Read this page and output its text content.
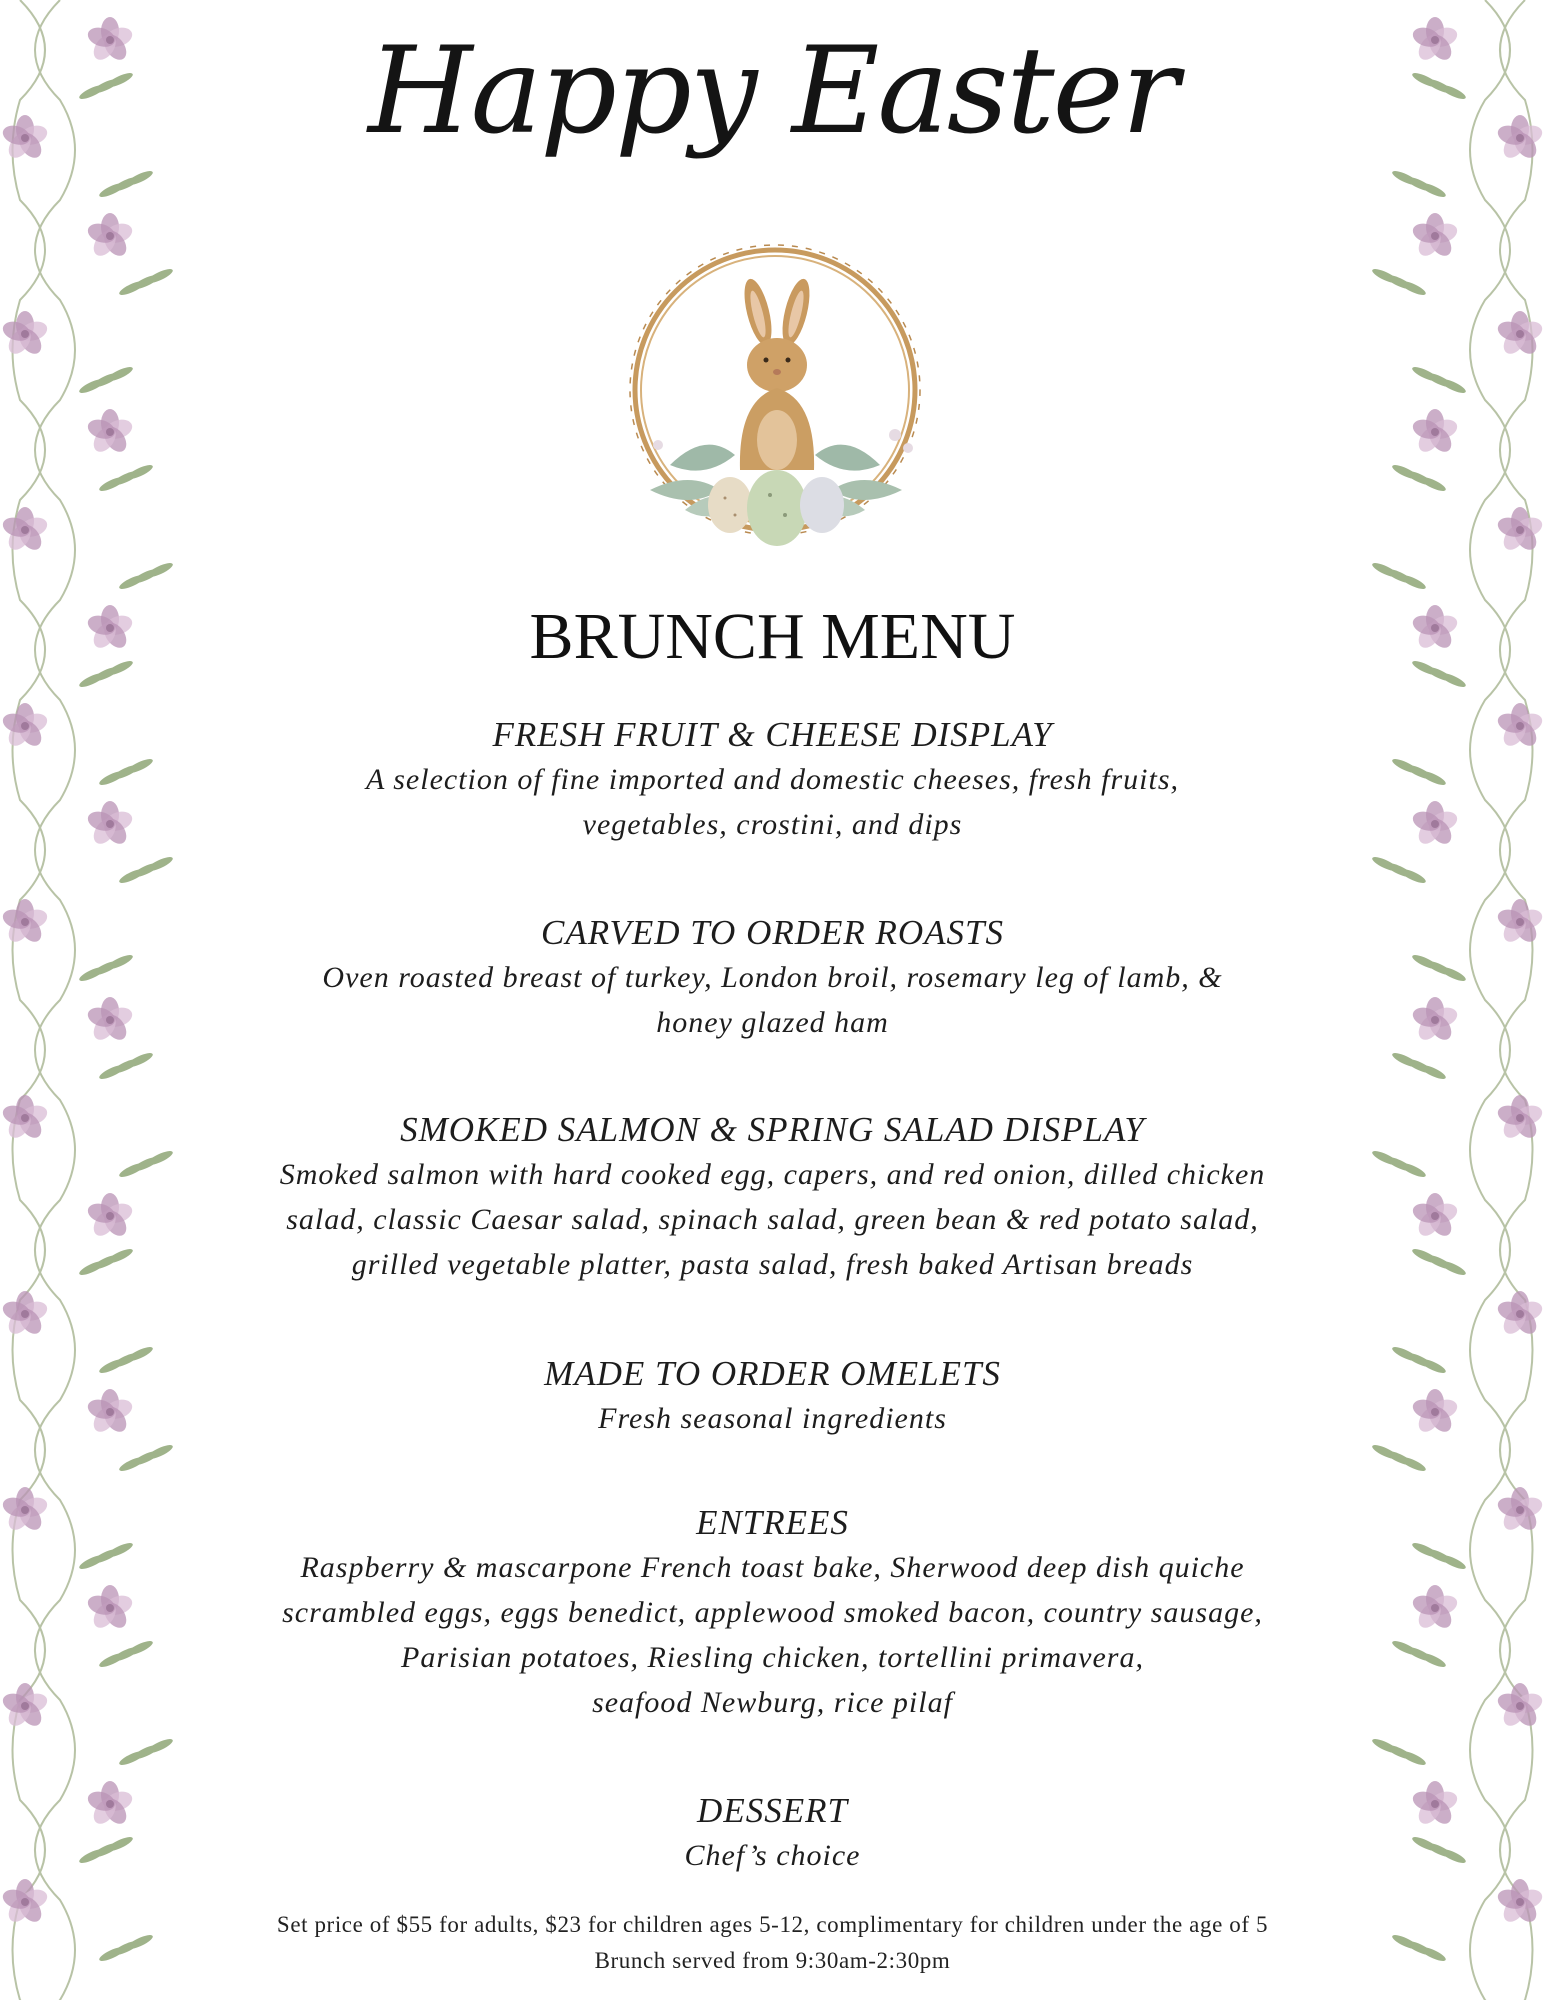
Happy Easter
BRUNCH MENU
FRESH FRUIT & CHEESE DISPLAY
A selection of fine imported and domestic cheeses, fresh fruits,
vegetables, crostini, and dips
CARVED TO ORDER ROASTS
Oven roasted breast of turkey, London broil, rosemary leg of lamb, &
honey glazed ham
SMOKED SALMON & SPRING SALAD DISPLAY
Smoked salmon with hard cooked egg, capers, and red onion, dilled chicken
salad, classic Caesar salad, spinach salad, green bean & red potato salad,
grilled vegetable platter, pasta salad, fresh baked Artisan breads
MADE TO ORDER OMELETS
Fresh seasonal ingredients
ENTREES
Raspberry & mascarpone French toast bake, Sherwood deep dish quiche
scrambled eggs, eggs benedict, applewood smoked bacon, country sausage,
Parisian potatoes, Riesling chicken, tortellini primavera,
seafood Newburg, rice pilaf
DESSERT
Chef’s choice
Set price of $55 for adults, $23 for children ages 5-12, complimentary for children under the age of 5
Brunch served from 9:30am-2:30pm
